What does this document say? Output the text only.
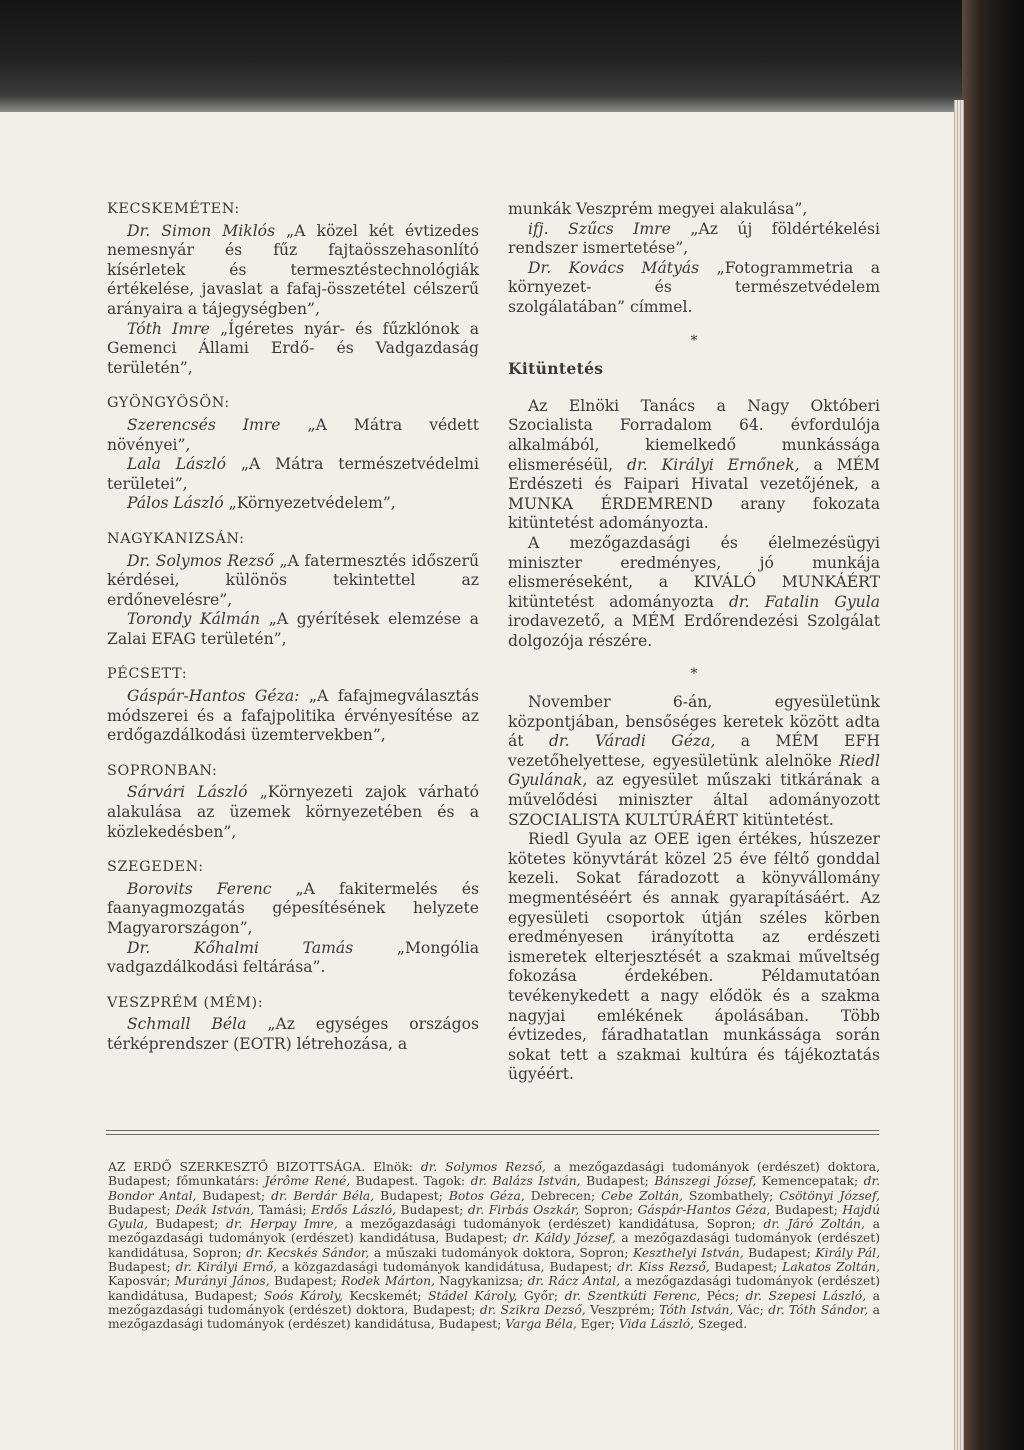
KECSKEMÉTEN:

Dr. Simon Miklós „A közel két évtizedes nemesnyár és fűz fajtaösszehasonlító kísérletek és termesztéstechnológiák értékelése, javaslat a fafaj-összetétel célszerű arányaira a tájegységben”,

Tóth Imre „Ígéretes nyár- és fűzklónok a Gemenci Állami Erdő- és Vadgazdaság területén”,

GYÖNGYÖSÖN:

Szerencsés Imre „A Mátra védett növényei”,

Lala László „A Mátra természetvédelmi területei”,

Pálos László „Környezetvédelem”,

NAGYKANIZSÁN:

Dr. Solymos Rezső „A fatermesztés időszerű kérdései, különös tekintettel az erdőnevelésre”,

Torondy Kálmán „A gyérítések elemzése a Zalai EFAG területén”,

PÉCSETT:

Gáspár-Hantos Géza: „A fafajmegválasztás módszerei és a fafajpolitika érvényesítése az erdőgazdálkodási üzemtervekben”,

SOPRONBAN:

Sárvári László „Környezeti zajok várható alakulása az üzemek környezetében és a közlekedésben”,

SZEGEDEN:

Borovits Ferenc „A fakitermelés és faanyagmozgatás gépesítésének helyzete Magyarországon”,

Dr. Kőhalmi Tamás „Mongólia vadgazdálkodási feltárása”.

VESZPRÉM (MÉM):

Schmall Béla „Az egységes országos térképrendszer (EOTR) létrehozása, a

munkák Veszprém megyei alakulása”,

ifj. Szűcs Imre „Az új földértékelési rendszer ismertetése”,

Dr. Kovács Mátyás „Fotogrammetria a környezet- és természetvédelem szolgálatában” címmel.

*
Kitüntetés

Az Elnöki Tanács a Nagy Októberi Szocialista Forradalom 64. évfordulója alkalmából, kiemelkedő munkássága elismeréséül, dr. Királyi Ernőnek, a MÉM Erdészeti és Faipari Hivatal vezetőjének, a MUNKA ÉRDEMREND arany fokozata kitüntetést adományozta.

A mezőgazdasági és élelmezésügyi miniszter eredményes, jó munkája elismeréseként, a KIVÁLÓ MUNKÁÉRT kitüntetést adományozta dr. Fatalin Gyula irodavezető, a MÉM Erdőrendezési Szolgálat dolgozója részére.

*

November 6-án, egyesületünk központjában, bensőséges keretek között adta át dr. Váradi Géza, a MÉM EFH vezetőhelyettese, egyesületünk alelnöke Riedl Gyulának, az egyesület műszaki titkárának a művelődési miniszter által adományozott SZOCIALISTA KULTÚRÁÉRT kitüntetést.

Riedl Gyula az OEE igen értékes, húszezer kötetes könyvtárát közel 25 éve féltő gonddal kezeli. Sokat fáradozott a könyvállomány megmentéséért és annak gyarapításáért. Az egyesületi csoportok útján széles körben eredményesen irányította az erdészeti ismeretek elterjesztését a szakmai műveltség fokozása érdekében. Példamutatóan tevékenykedett a nagy elődök és a szakma nagyjai emlékének ápolásában. Több évtizedes, fáradhatatlan munkássága során sokat tett a szakmai kultúra és tájékoztatás ügyéért.

AZ ERDŐ SZERKESZTŐ BIZOTTSÁGA. Elnök: dr. Solymos Rezső, a mezőgazdasági tudományok (erdészet) doktora, Budapest; főmunkatárs: Jérôme René, Budapest. Tagok: dr. Balázs István, Budapest; Bánszegi József, Kemencepatak; dr. Bondor Antal, Budapest; dr. Berdár Béla, Budapest; Botos Géza, Debrecen; Cebe Zoltán, Szombathely; Csötönyi József, Budapest; Deák István, Tamási; Erdős László, Budapest; dr. Firbás Oszkár, Sopron; Gáspár-Hantos Géza, Budapest; Hajdú Gyula, Budapest; dr. Herpay Imre, a mezőgazdasági tudományok (erdészet) kandidátusa, Sopron; dr. Járó Zoltán, a mezőgazdasági tudományok (erdészet) kandidátusa, Budapest; dr. Káldy József, a mezőgazdasági tudományok (erdészet) kandidátusa, Sopron; dr. Kecskés Sándor, a műszaki tudományok doktora, Sopron; Keszthelyi István, Budapest; Király Pál, Budapest; dr. Királyi Ernő, a közgazdasági tudományok kandidátusa, Budapest; dr. Kiss Rezső, Budapest; Lakatos Zoltán, Kaposvár; Murányi János, Budapest; Rodek Márton, Nagykanizsa; dr. Rácz Antal, a mezőgazdasági tudományok (erdészet) kandidátusa, Budapest; Soós Károly, Kecskemét; Stádel Károly, Győr; dr. Szentkúti Ferenc, Pécs; dr. Szepesi László, a mezőgazdasági tudományok (erdészet) doktora, Budapest; dr. Szikra Dezső, Veszprém; Tóth István, Vác; dr. Tóth Sándor, a mezőgazdasági tudományok (erdészet) kandidátusa, Budapest; Varga Béla, Eger; Vida László, Szeged.
